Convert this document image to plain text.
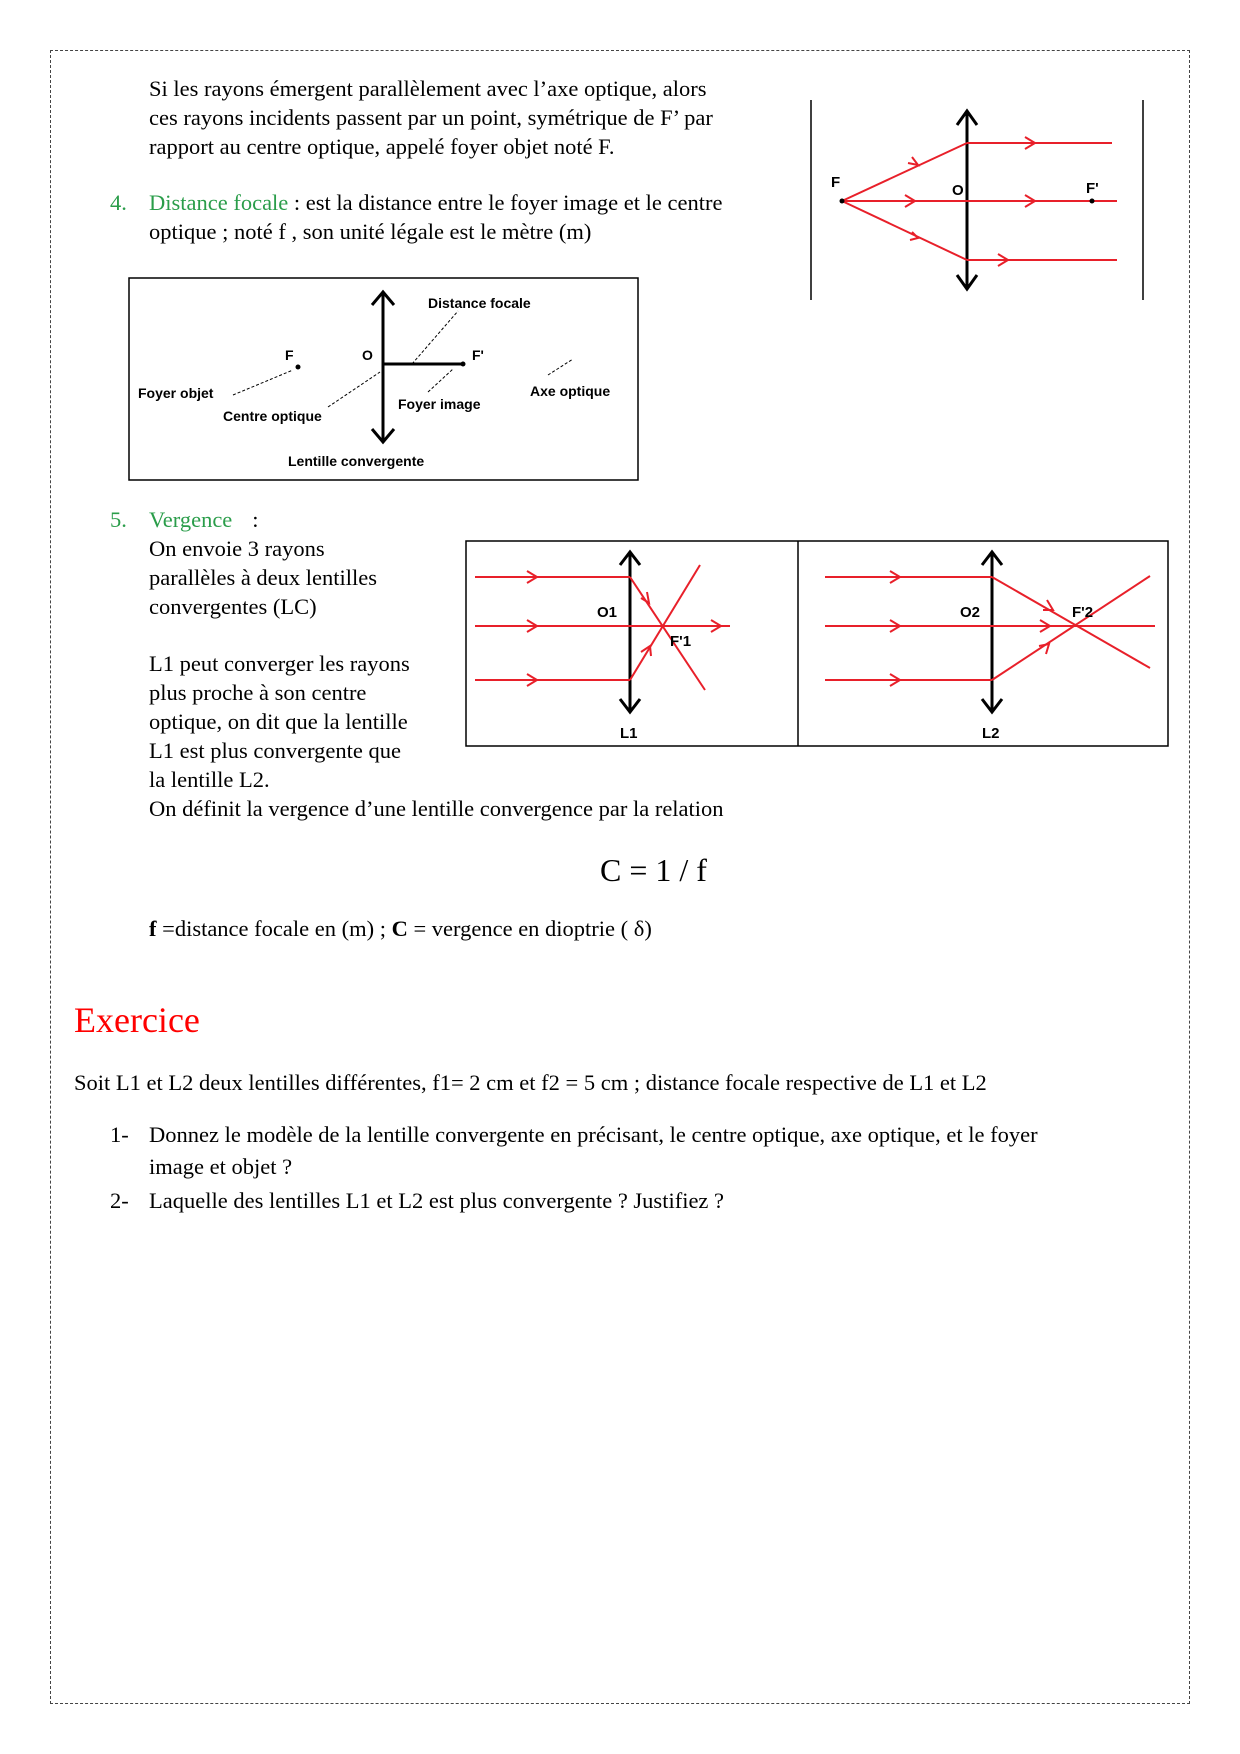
Si les rayons émergent parallèlement avec l’axe optique, alors

ces rayons incidents passent par un point, symétrique de F’ par

rapport au centre optique, appelé foyer objet noté F.

4. Distance focale : est la distance entre le foyer image et le centre

optique ; noté f , son unité légale est le mètre (m)

F	O	F'
Distance focale
F	O	F'
Foyer objet	Axe optique
Foyer image
Centre optique
Lentille convergente
5. Vergence :

On envoie 3 rayons

parallèles à deux lentilles

convergentes (LC)

L1 peut converger les rayons

plus proche à son centre

optique, on dit que la lentille

L1 est plus convergente que

la lentille L2.

On définit la vergence d’une lentille convergence par la relation

O1
F'1
L1
O2	F'2
L2
C = 1 / f

f =distance focale en (m) ; C = vergence en dioptrie ( δ)

Exercice

Soit L1 et L2 deux lentilles différentes, f1= 2 cm et f2 = 5 cm ; distance focale respective de L1 et L2

1- Donnez le modèle de la lentille convergente en précisant, le centre optique, axe optique, et le foyer

image et objet ?

2- Laquelle des lentilles L1 et L2 est plus convergente ? Justifiez ?
